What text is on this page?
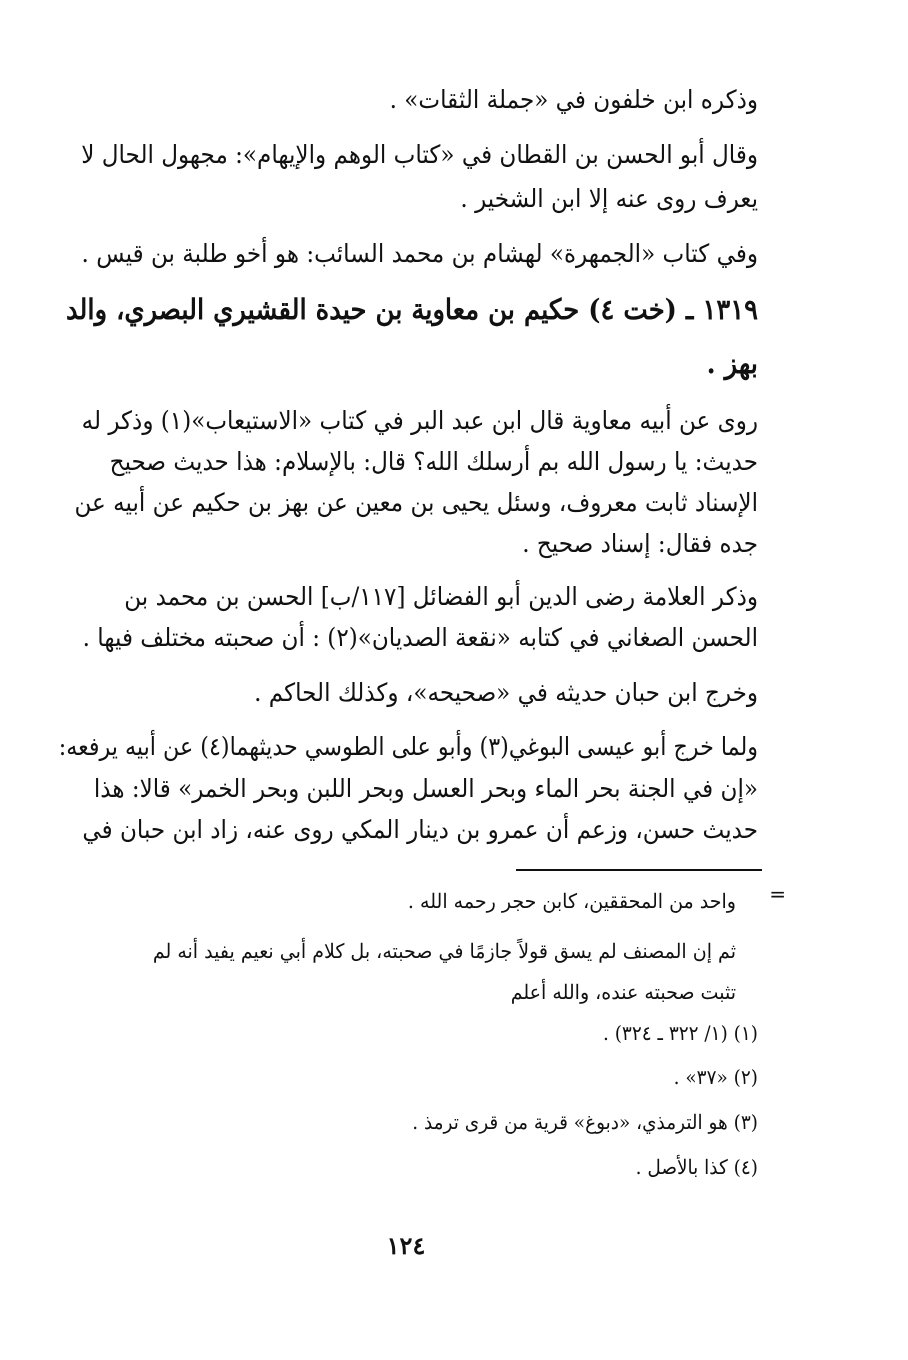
وذكره ابن خلفون في «جملة الثقات» .
وقال أبو الحسن بن القطان في «كتاب الوهم والإيهام»: مجهول الحال لا
يعرف روى عنه إلا ابن الشخير .
وفي كتاب «الجمهرة» لهشام بن محمد السائب: هو أخو طلبة بن قيس .
١٣١٩ ـ (خت ٤) حكيم بن معاوية بن حيدة القشيري البصري، والد
بهز .
روى عن أبيه معاوية قال ابن عبد البر في كتاب «الاستيعاب»(١) وذكر له
حديث: يا رسول الله بم أرسلك الله؟ قال: بالإسلام: هذا حديث صحيح
الإسناد ثابت معروف، وسئل يحيى بن معين عن بهز بن حكيم عن أبيه عن
جده فقال: إسناد صحيح .
وذكر العلامة رضى الدين أبو الفضائل [١١٧/ب] الحسن بن محمد بن
الحسن الصغاني في كتابه «نقعة الصديان»(٢) : أن صحبته مختلف فيها .
وخرج ابن حبان حديثه في «صحيحه»، وكذلك الحاكم .
ولما خرج أبو عيسى البوغي(٣) وأبو على الطوسي حديثهما(٤) عن أبيه يرفعه:
«إن في الجنة بحر الماء وبحر العسل وبحر اللبن وبحر الخمر» قالا: هذا
حديث حسن، وزعم أن عمرو بن دينار المكي روى عنه، زاد ابن حبان في
=
واحد من المحققين، كابن حجر رحمه الله .
ثم إن المصنف لم يسق قولاً جازمًا في صحبته، بل كلام أبي نعيم يفيد أنه لم
تثبت صحبته عنده، والله أعلم
(١) (١/ ٣٢٢ ـ ٣٢٤) .
(٢) «٣٧» .
(٣) هو الترمذي، «دبوغ» قرية من قرى ترمذ .
(٤) كذا بالأصل .
١٢٤
